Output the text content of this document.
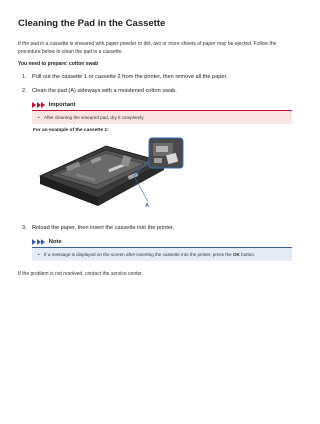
Cleaning the Pad in the Cassette
If the pad in a cassette is smeared with paper powder or dirt, two or more sheets of paper may be ejected. Follow the procedure below to clean the pad in a cassette.
You need to prepare: cotton swab
1. Pull out the cassette 1 or cassette 2 from the printer, then remove all the paper.
2. Clean the pad (A) sideways with a moistened cotton swab.
Important
• After cleaning the smeared pad, dry it completely.
For an example of the cassette 1:
A
3. Reload the paper, then insert the cassette into the printer.
Note
• If a message is displayed on the screen after inserting the cassette into the printer, press the OK button.
If the problem is not resolved, contact the service center.
